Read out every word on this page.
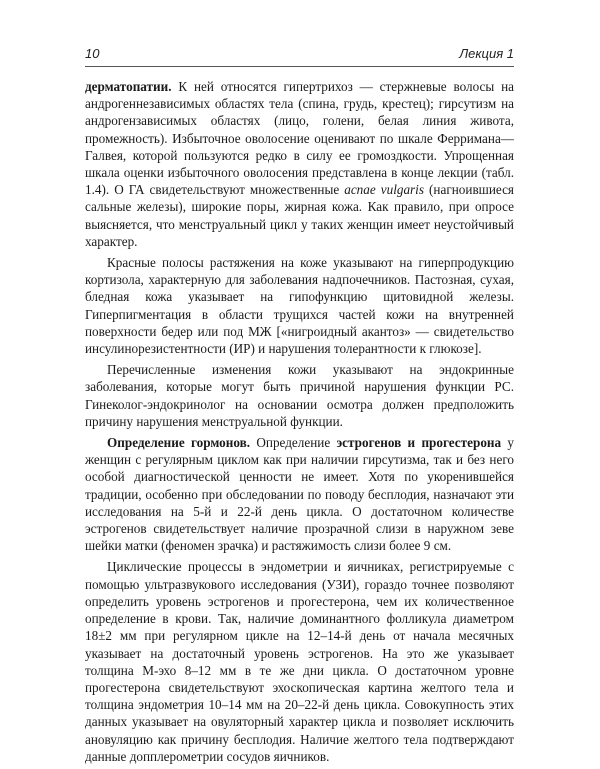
10	Лекция 1

дерматопатии. К ней относятся гипертрихоз — стержневые волосы на андрогеннезависимых областях тела (спина, грудь, крестец); гирсутизм на андрогензависимых областях (лицо, голени, белая линия живота, промежность). Избыточное оволосение оценивают по шкале Ферримана—Галвея, которой пользуются редко в силу ее громоздкости. Упрощенная шкала оценки избыточного оволосения представлена в конце лекции (табл. 1.4). О ГА свидетельствуют множественные acnae vulgaris (нагноившиеся сальные железы), широкие поры, жирная кожа. Как правило, при опросе выясняется, что менструальный цикл у таких женщин имеет неустойчивый характер.

Красные полосы растяжения на коже указывают на гиперпродукцию кортизола, характерную для заболевания надпочечников. Пастозная, сухая, бледная кожа указывает на гипофункцию щитовидной железы. Гиперпигментация в области трущихся частей кожи на внутренней поверхности бедер или под МЖ [«нигроидный акантоз» — свидетельство инсулинорезистентности (ИР) и нарушения толерантности к глюкозе].

Перечисленные изменения кожи указывают на эндокринные заболевания, которые могут быть причиной нарушения функции РС. Гинеколог-эндокринолог на основании осмотра должен предположить причину нарушения менструальной функции.

Определение гормонов. Определение эстрогенов и прогестерона у женщин с регулярным циклом как при наличии гирсутизма, так и без него особой диагностической ценности не имеет. Хотя по укоренившейся традиции, особенно при обследовании по поводу бесплодия, назначают эти исследования на 5-й и 22-й день цикла. О достаточном количестве эстрогенов свидетельствует наличие прозрачной слизи в наружном зеве шейки матки (феномен зрачка) и растяжимость слизи более 9 см.

Циклические процессы в эндометрии и яичниках, регистрируемые с помощью ультразвукового исследования (УЗИ), гораздо точнее позволяют определить уровень эстрогенов и прогестерона, чем их количественное определение в крови. Так, наличие доминантного фолликула диаметром 18±2 мм при регулярном цикле на 12–14-й день от начала месячных указывает на достаточный уровень эстрогенов. На это же указывает толщина М-эхо 8–12 мм в те же дни цикла. О достаточном уровне прогестерона свидетельствуют эхоскопическая картина желтого тела и толщина эндометрия 10–14 мм на 20–22-й день цикла. Совокупность этих данных указывает на овуляторный характер цикла и позволяет исключить ановуляцию как причину бесплодия. Наличие желтого тела подтверждают данные допплерометрии сосудов яичников.
